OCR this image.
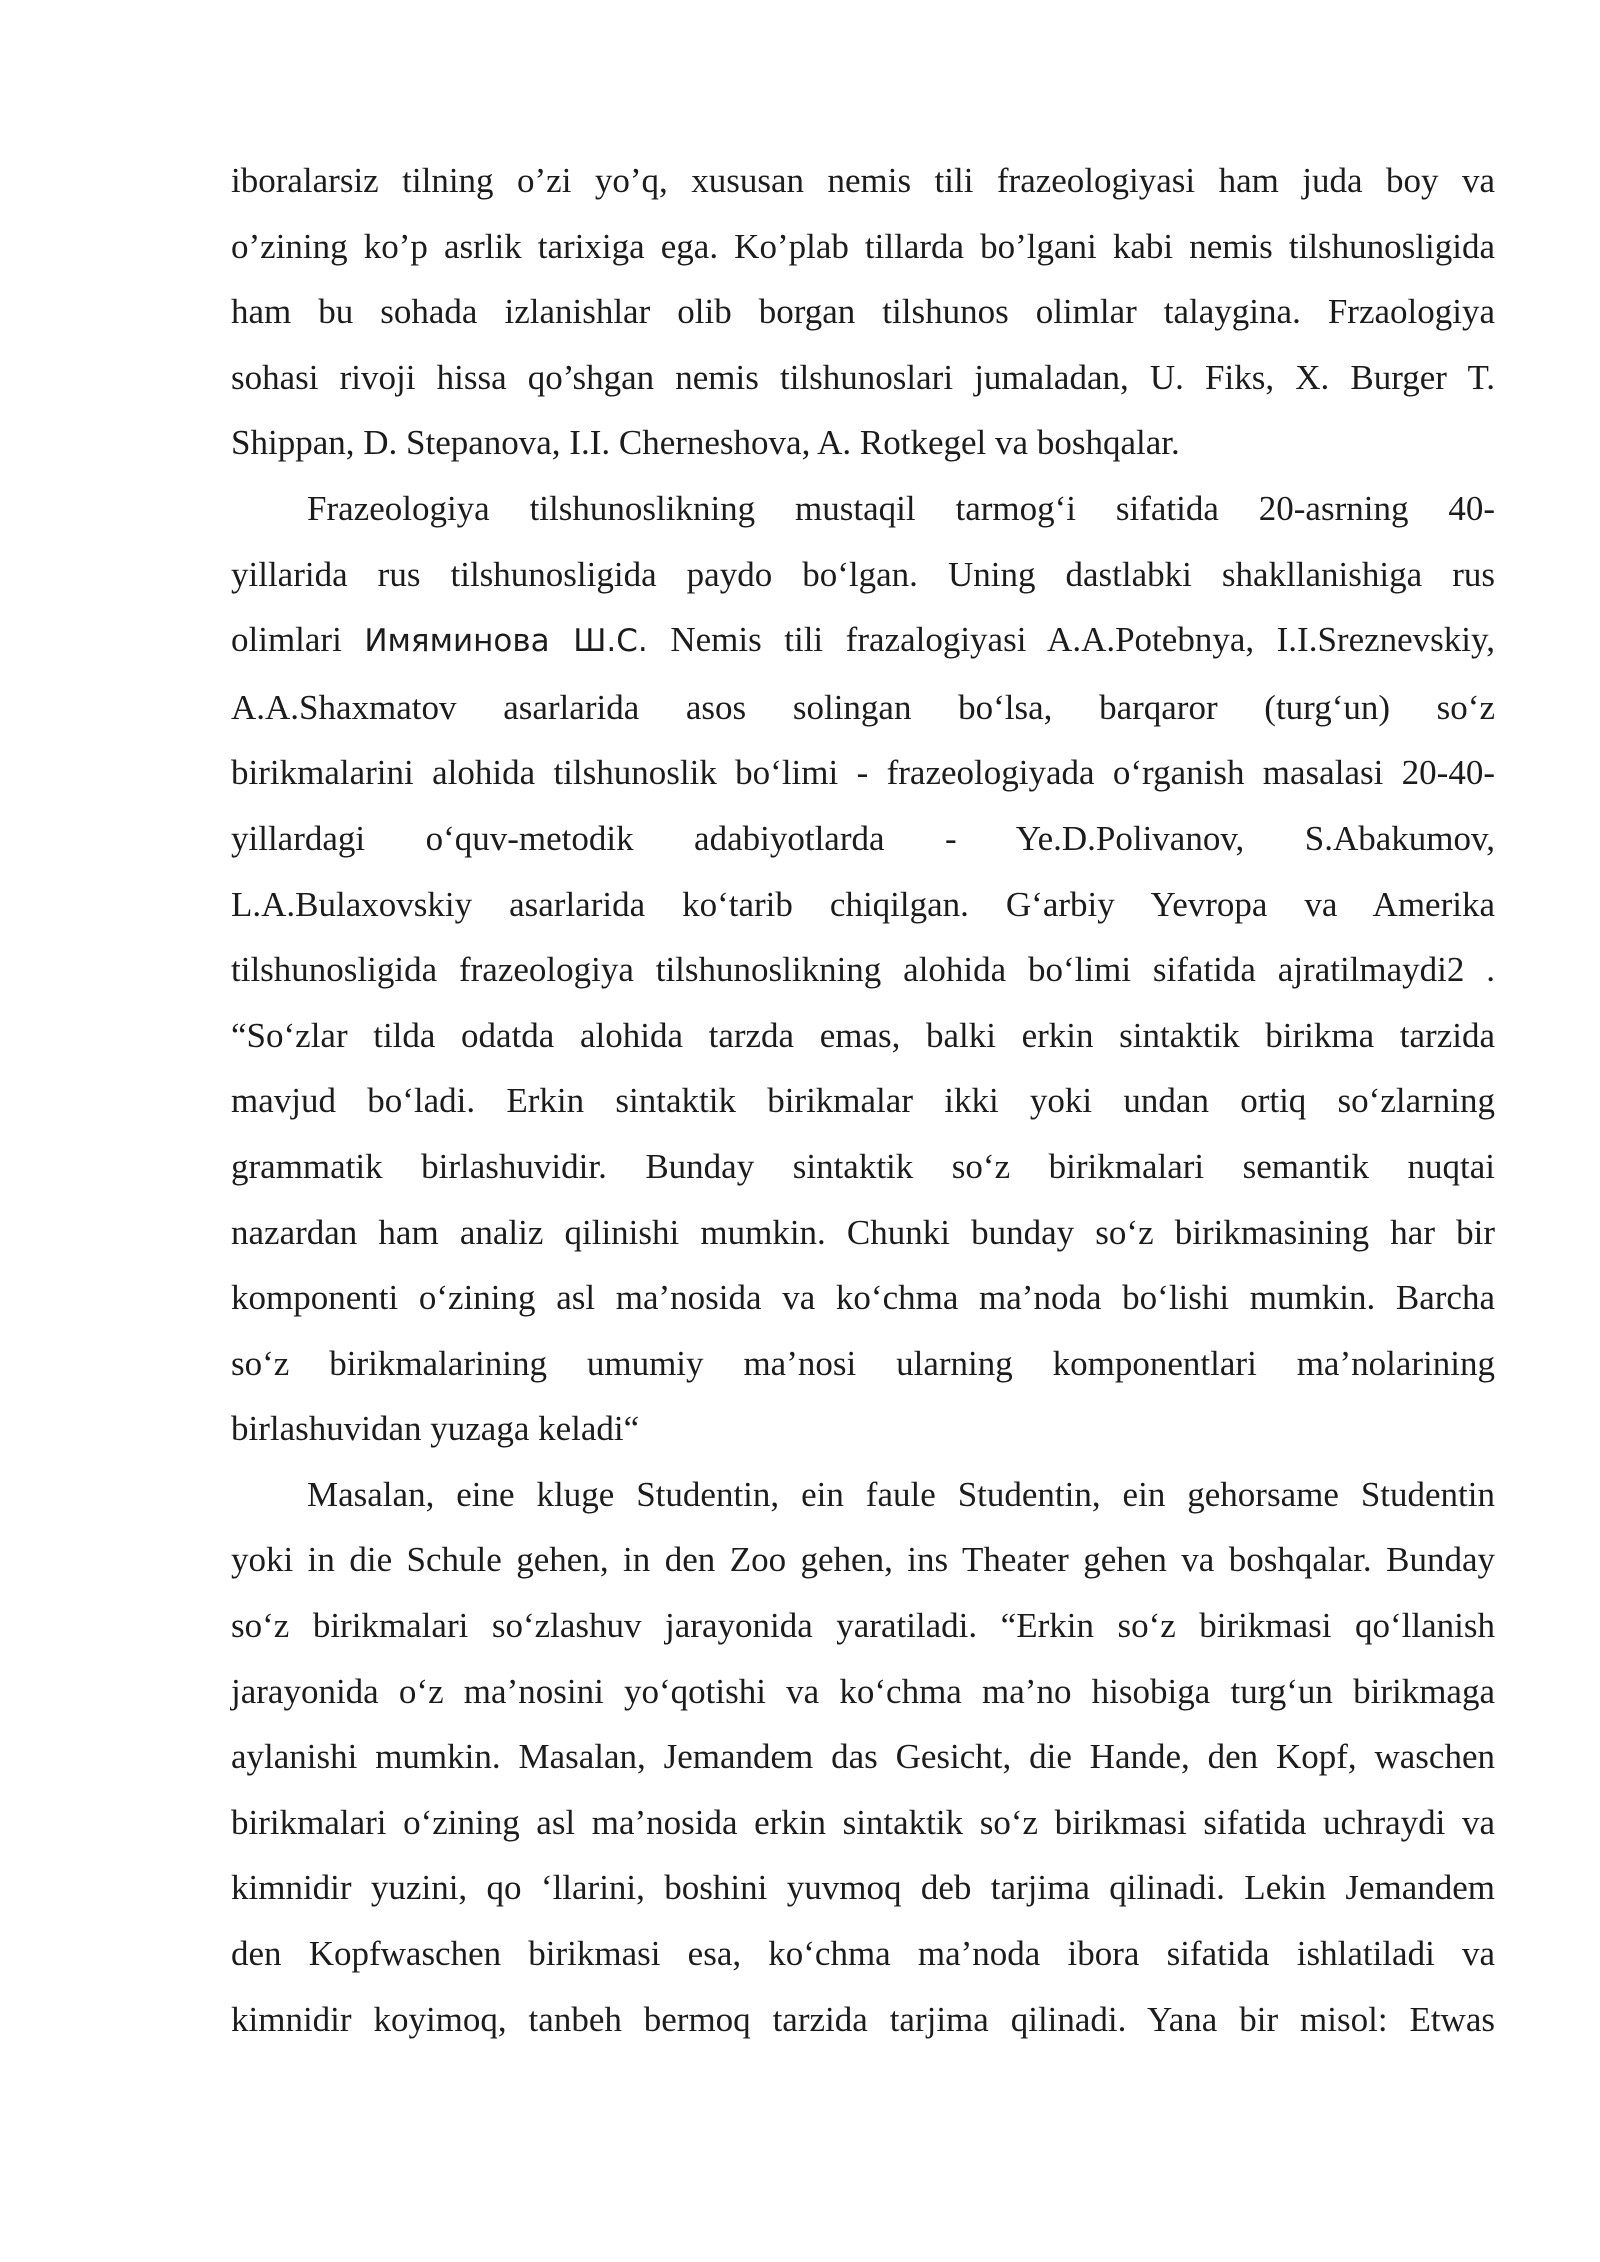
iboralarsiz tilning o’zi yo’q, xususan nemis tili frazeologiyasi ham juda boy va
o’zining ko’p asrlik tarixiga ega. Ko’plab tillarda bo’lgani kabi nemis tilshunosligida
ham bu sohada izlanishlar olib borgan tilshunos olimlar talaygina. Frzaologiya
sohasi rivoji hissa qo’shgan nemis tilshunoslari jumaladan, U. Fiks, X. Burger T.
Shippan, D. Stepanova, I.I. Cherneshova, A. Rotkegel va boshqalar.

Frazeologiya tilshunoslikning mustaqil tarmog‘i sifatida 20-asrning 40-
yillarida rus tilshunosligida paydo bo‘lgan. Uning dastlabki shakllanishiga rus
olimlari Имяминова Ш.С. Nemis tili frazalogiyasi A.A.Potebnya, I.I.Sreznevskiy,
A.A.Shaxmatov asarlarida asos solingan bo‘lsa, barqaror (turg‘un) so‘z
birikmalarini alohida tilshunoslik bo‘limi - frazeologiyada o‘rganish masalasi 20-40-
yillardagi o‘quv-metodik adabiyotlarda - Ye.D.Polivanov, S.Abakumov,
L.A.Bulaxovskiy asarlarida ko‘tarib chiqilgan. G‘arbiy Yevropa va Amerika
tilshunosligida frazeologiya tilshunoslikning alohida bo‘limi sifatida ajratilmaydi2 .
“So‘zlar tilda odatda alohida tarzda emas, balki erkin sintaktik birikma tarzida
mavjud bo‘ladi. Erkin sintaktik birikmalar ikki yoki undan ortiq so‘zlarning
grammatik birlashuvidir. Bunday sintaktik so‘z birikmalari semantik nuqtai
nazardan ham analiz qilinishi mumkin. Chunki bunday so‘z birikmasining har bir
komponenti o‘zining asl ma’nosida va ko‘chma ma’noda bo‘lishi mumkin. Barcha
so‘z birikmalarining umumiy ma’nosi ularning komponentlari ma’nolarining
birlashuvidan yuzaga keladi“

Masalan, eine kluge Studentin, ein faule Studentin, ein gehorsame Studentin
yoki in die Schule gehen, in den Zoo gehen, ins Theater gehen va boshqalar. Bunday
so‘z birikmalari so‘zlashuv jarayonida yaratiladi. “Erkin so‘z birikmasi qo‘llanish
jarayonida o‘z ma’nosini yo‘qotishi va ko‘chma ma’no hisobiga turg‘un birikmaga
aylanishi mumkin. Masalan, Jemandem das Gesicht, die Hande, den Kopf, waschen
birikmalari o‘zining asl ma’nosida erkin sintaktik so‘z birikmasi sifatida uchraydi va
kimnidir yuzini, qo ‘llarini, boshini yuvmoq deb tarjima qilinadi. Lekin Jemandem
den Kopfwaschen birikmasi esa, ko‘chma ma’noda ibora sifatida ishlatiladi va
kimnidir koyimoq, tanbeh bermoq tarzida tarjima qilinadi. Yana bir misol: Etwas
